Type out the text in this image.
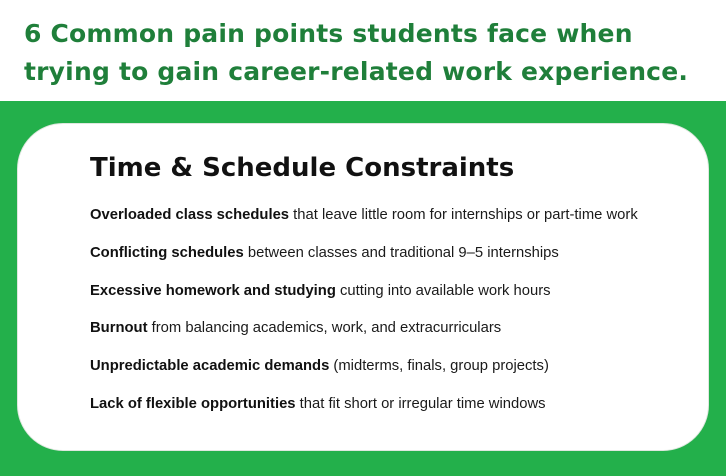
6 Common pain points students face when
trying to gain career-related work experience.
Time & Schedule Constraints
Overloaded class schedules that leave little room for internships or part-time work
Conflicting schedules between classes and traditional 9–5 internships
Excessive homework and studying cutting into available work hours
Burnout from balancing academics, work, and extracurriculars
Unpredictable academic demands (midterms, finals, group projects)
Lack of flexible opportunities that fit short or irregular time windows
